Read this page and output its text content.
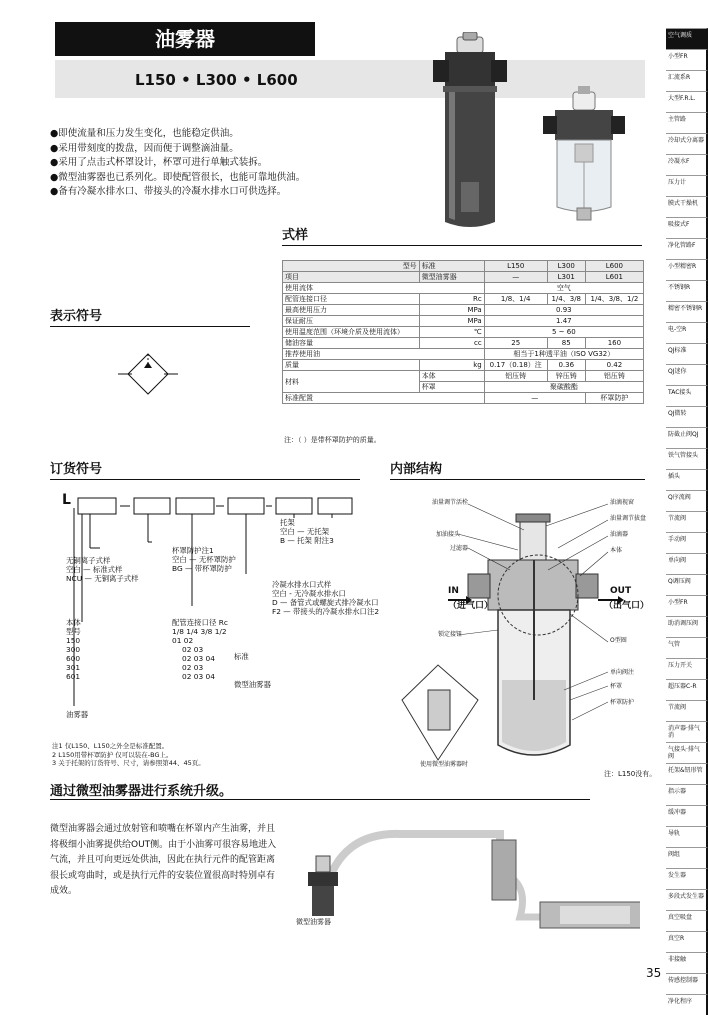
油雾器
L150 • L300 • L600
●即使流量和压力发生变化，也能稳定供油。
●采用带刻度的拨盘，因而便于调整滴油量。
●采用了点击式杯罩设计，杯罩可进行单触式装拆。
●微型油雾器也已系列化。即使配管很长，也能可靠地供油。
●备有冷凝水排水口、带接头的冷凝水排水口可供选择。
式样
型号	标准	L150	L300	L600
项目	微型油雾器	—	L301	L601
使用流体		空气		
配管连接口径	Rc	1/8、1/4	1/4、3/8	1/4、3/8、1/2
最高使用压力	MPa	0.93		
保证耐压	MPa	1.47		
使用温度范围（环境介质及使用流体）	℃	5 ~ 60		
储油容量	cc	25	85	160
推荐使用油		相当于1种透平油（ISO VG32）		
质量	kg	0.17（0.18）注	0.36	0.42
材料	本体	铝压铸	锌压铸	铝压铸
	杯罩	聚碳酸酯		
标准配置		—		杯罩防护
注：（ ）是带杯罩防护的质量。
表示符号
订货符号
L
杯罩防护注1
空白 — 无杯罩防护
BG — 带杯罩防护
托架
空白 — 无托架
B — 托架 附注3
无铜离子式样
空白 — 标准式样
NCU — 无铜离子式样
冷凝水排水口式样
空白 - 无冷凝水排水口
D — 备管式或螺旋式排冷凝水口
F2 — 带接头的冷凝水排水口注2
配管连接口径 Rc
1/8 1/4 3/8 1/2
本体
型号
150	01 02
300	02 03
600	02 03 04
301	02 03
601	02 03 04
标准
微型油雾器
油雾器
注1 仅L150、L150之外全是标准配置。
2 L150用带杯罩防护 仅可以装在-BG上。
3 关于托架的订货符号、尺寸，请参照第44、45页。
内部结构
油量调节活栓	油滴视窗
加油接头
油量调节拔盘
过滤器
油滴器
本体
锁定接钮
O型圈
单向阀注
杯罩
杯罩防护
IN
（进气口）
OUT
（出气口）
使用微型油雾器时
注：L150没有。
通过微型油雾器进行系统升级。
微型油雾器会通过放射管和喷嘴在杯罩内产生油雾，并且将极细小油雾提供给OUT侧。由于小油雾可很容易地进入气流，并且可向更远处供油，因此在执行元件的配管距离很长或弯曲时，或是执行元件的安装位置很高时特别卓有成效。
微型油雾器
空气调质
小型FR
汇流系R
大型F.R.L.
主管路
冷却式分离器
冷凝水F
压力计
膜式干燥机
吸接式F
净化管路F
小型精密R
不锈钢R
精密不锈钢R
电-空R
QJ标准
QJ迷你
TAC接头
QJ微转
防截止阀QJ
铁气管接头
插头
Q序流阀
节流阀
手动阀
单向阀
Q调压阀
小型FR
助消调压阀
气管
压力开关
超压器C-R
节流阀
消声器·排气消
气接头·排气阀
托架&钮形管
指示器
缓冲器
导轨
阀组
发生器
多段式发生器
真空吸盘
真空R
非接触
传感控制器
净化程序
35
